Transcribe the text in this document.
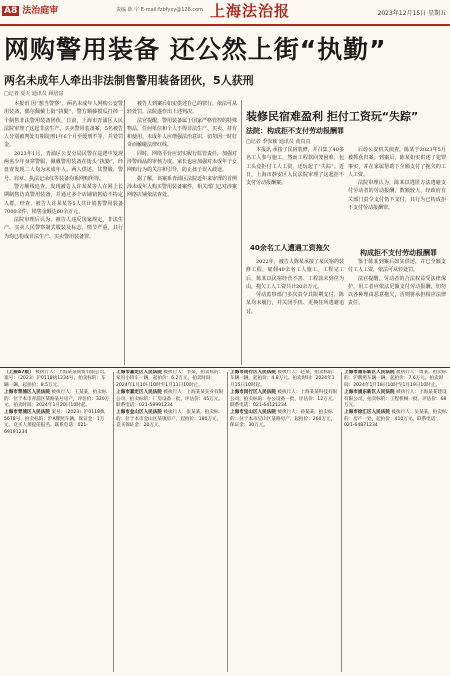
A8 法治庭审	责编 陈 宇 E-mail:fzbfyxy@126.com 上海法治报	2023年12月15日 星期五
网购警用装备 还公然上街“执勤”
两名未成年人牵出非法制售警用装备团伙，5人获刑
□记者 夏天 通讯员 顾培富

本报讯 因“想当警察”，两名未成年人网购公安警用装备，偶尔佩戴上街“执勤”，警方顺藤摸瓜打掉一个制售非法警用装备团伙。日前，上海市青浦区人民法院审理了这起非法生产、买卖警用装备案，5名被告人分别被判处有期徒刑1年6个月至缓刑不等，并处罚金。

2023年1月，青浦区公安分局民警在巡逻中发现两名少年身穿警服、佩戴警用装备在街头“执勤”，经盘查发现二人均为未成年人。两人供述，其警服、警号、肩章、执法记录仪等装备均系网购所得。

警方顺线追查，发现被告人许某某等人在网上长期制售仿真警用装备，并通过多个店铺销售给不特定人群。经查，被告人许某某等5人共计销售警用装备7000余件，销售金额达60余万元。

法院审理后认为，被告人违反国家规定，非法生产、买卖人民警察制式服装及标志，情节严重，其行为均已构成非法生产、买卖警用装备罪。

被告人到案后如实供述自己的罪行，依法可从轻处罚。法院遂作出上述判决。

法官提醒，警用装备属于国家严格管控的特殊物品，任何单位和个人不得非法生产、买卖、持有和使用。未成年人应增强法治意识，切勿因一时好奇而触碰法律红线。

同时，网络平台应切实履行监管责任，加强对涉警商品的审核力度。家长也应加强对未成年子女网购行为的关注和引导，防止孩子误入歧途。

据了解，该案系青浦区法院近年来审理的首例涉未成年人购买警用装备案件，相关部门已对涉案网络店铺依法查处。

装修民宿难盈利 拒付工资玩“失踪”
法院：构成拒不支付劳动报酬罪
□记者 季张颖 通讯员 黄真真

本报讯 承接了民宿装修，并召集了40多名工人参与施工，然而工程款回笼困难，包工头竟拒付工人工资，还玩起了“失踪”。近日，上海市静安区人民法院审理了这起拒不支付劳动报酬案。

40余名工人遭遇工资拖欠

2022年，被告人陈某承接了某民宿的装修工程，雇佣40余名工人施工。工程完工后，陈某以民宿经营不善、工程款未到位为由，拖欠工人工资共计20余万元。

劳动监察部门多次责令其限期支付，陈某均未履行，并关闭手机、更换住所逃避追讨。

后经公安机关侦查，陈某于2023年5月被抓获归案。到案后，陈某如实供述了犯罪事实，并在家属帮助下全额支付了拖欠的工人工资。

法院审理认为，陈某以逃匿方法逃避支付劳动者的劳动报酬，数额较大，经政府有关部门责令支付仍不支付，其行为已构成拒不支付劳动报酬罪。

构成拒不支付劳动报酬罪

鉴于陈某到案后如实供述，并已全额支付工人工资，依法可从轻处罚。

法官提醒，劳动者的合法权益受法律保护，用工者应依法足额支付劳动报酬，切勿以各种理由恶意拖欠，否则将承担相应法律责任。

（上接A7版） 被执行人：上海某某商贸有限公司，案号：（2023）沪0118执1234号，拍卖标的：车辆一辆，起拍价：8.5万元。
上海市青浦区人民法院 被执行人：王某某，拍卖标的：位于本市青浦区某路某号房产，评估价：320万元。拍卖时间：2024年1月20日10时起。
上海市青浦区人民法院 案号：（2023）沪0118执5678号，拍卖标的：沪A牌照车辆，保证金：1万元，竞买人须提前报名。联系电话：021-69191234
上海市嘉定区人民法院 被执行人：李某，拍卖标的：家用小轿车一辆，起拍价：6.2万元，拍卖时间：2024年1月10日10时至1月11日10时止。
上海市嘉定区人民法院 被执行人：上海某某实业有限公司，拍卖标的：厂房设备一批，评估价：45万元。联系电话：021-59991234
上海市金山区人民法院 被执行人：张某某，拍卖标的：位于本市金山区某镇房产，起拍价：180万元，竞买保证金：20万元。
上海市闵行区人民法院 被执行人：赵某，拍卖标的：车辆一辆，起拍价：4.8万元。拍卖时间：2024年1月15日10时起。
上海市闵行区人民法院 被执行人：上海某某科技有限公司，拍卖标的：办公设备一批，评估价：12万元。联系电话：021-64121234
上海市宝山区人民法院 被执行人：孙某某，拍卖标的：位于本市宝山区某路房产，起拍价：260万元，保证金：30万元。
上海市浦东新区人民法院 被执行人：周某，拍卖标的：沪牌照车辆一辆，起拍价：7.6万元。拍卖时间：2024年1月18日10时至1月19日10时止。
上海市浦东新区人民法院 被执行人：上海某某建设有限公司，拍卖标的：工程机械一批，评估价：68万元。
上海市徐汇区人民法院 被执行人：吴某某，拍卖标的：房产一处，起拍价：410万元。联系电话：021-64871234
